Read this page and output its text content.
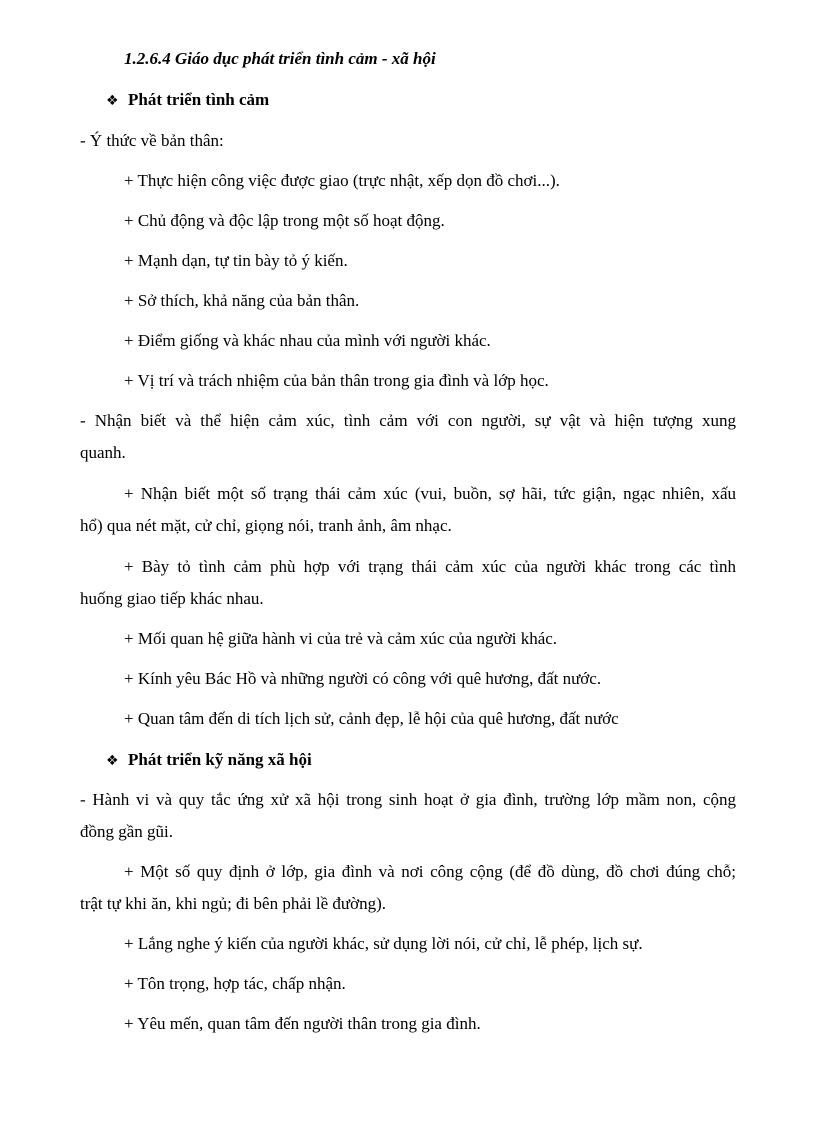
1.2.6.4 Giáo dục phát triển tình cảm - xã hội
❖ Phát triển tình cảm
- Ý thức về bản thân:
+ Thực hiện công việc được giao (trực nhật, xếp dọn đồ chơi...).
+ Chủ động và độc lập trong một số hoạt động.
+ Mạnh dạn, tự tin bày tỏ ý kiến.
+ Sở thích, khả năng của bản thân.
+ Điểm giống và khác nhau của mình với người khác.
+ Vị trí và trách nhiệm của bản thân trong gia đình và lớp học.
- Nhận biết và thể hiện cảm xúc, tình cảm với con người, sự vật và hiện tượng xung
quanh.
+ Nhận biết một số trạng thái cảm xúc (vui, buồn, sợ hãi, tức giận, ngạc nhiên, xấu
hổ) qua nét mặt, cử chỉ, giọng nói, tranh ảnh, âm nhạc.
+ Bày tỏ tình cảm phù hợp với trạng thái cảm xúc của người khác trong các tình
huống giao tiếp khác nhau.
+ Mối quan hệ giữa hành vi của trẻ và cảm xúc của người khác.
+ Kính yêu Bác Hồ và những người có công với quê hương, đất nước.
+ Quan tâm đến di tích lịch sử, cảnh đẹp, lễ hội của quê hương, đất nước
❖ Phát triển kỹ năng xã hội
- Hành vi và quy tắc ứng xử xã hội trong sinh hoạt ở gia đình, trường lớp mầm non, cộng
đồng gần gũi.
+ Một số quy định ở lớp, gia đình và nơi công cộng (để đồ dùng, đồ chơi đúng chỗ;
trật tự khi ăn, khi ngủ; đi bên phải lề đường).
+ Lắng nghe ý kiến của người khác, sử dụng lời nói, cử chỉ, lễ phép, lịch sự.
+ Tôn trọng, hợp tác, chấp nhận.
+ Yêu mến, quan tâm đến người thân trong gia đình.
